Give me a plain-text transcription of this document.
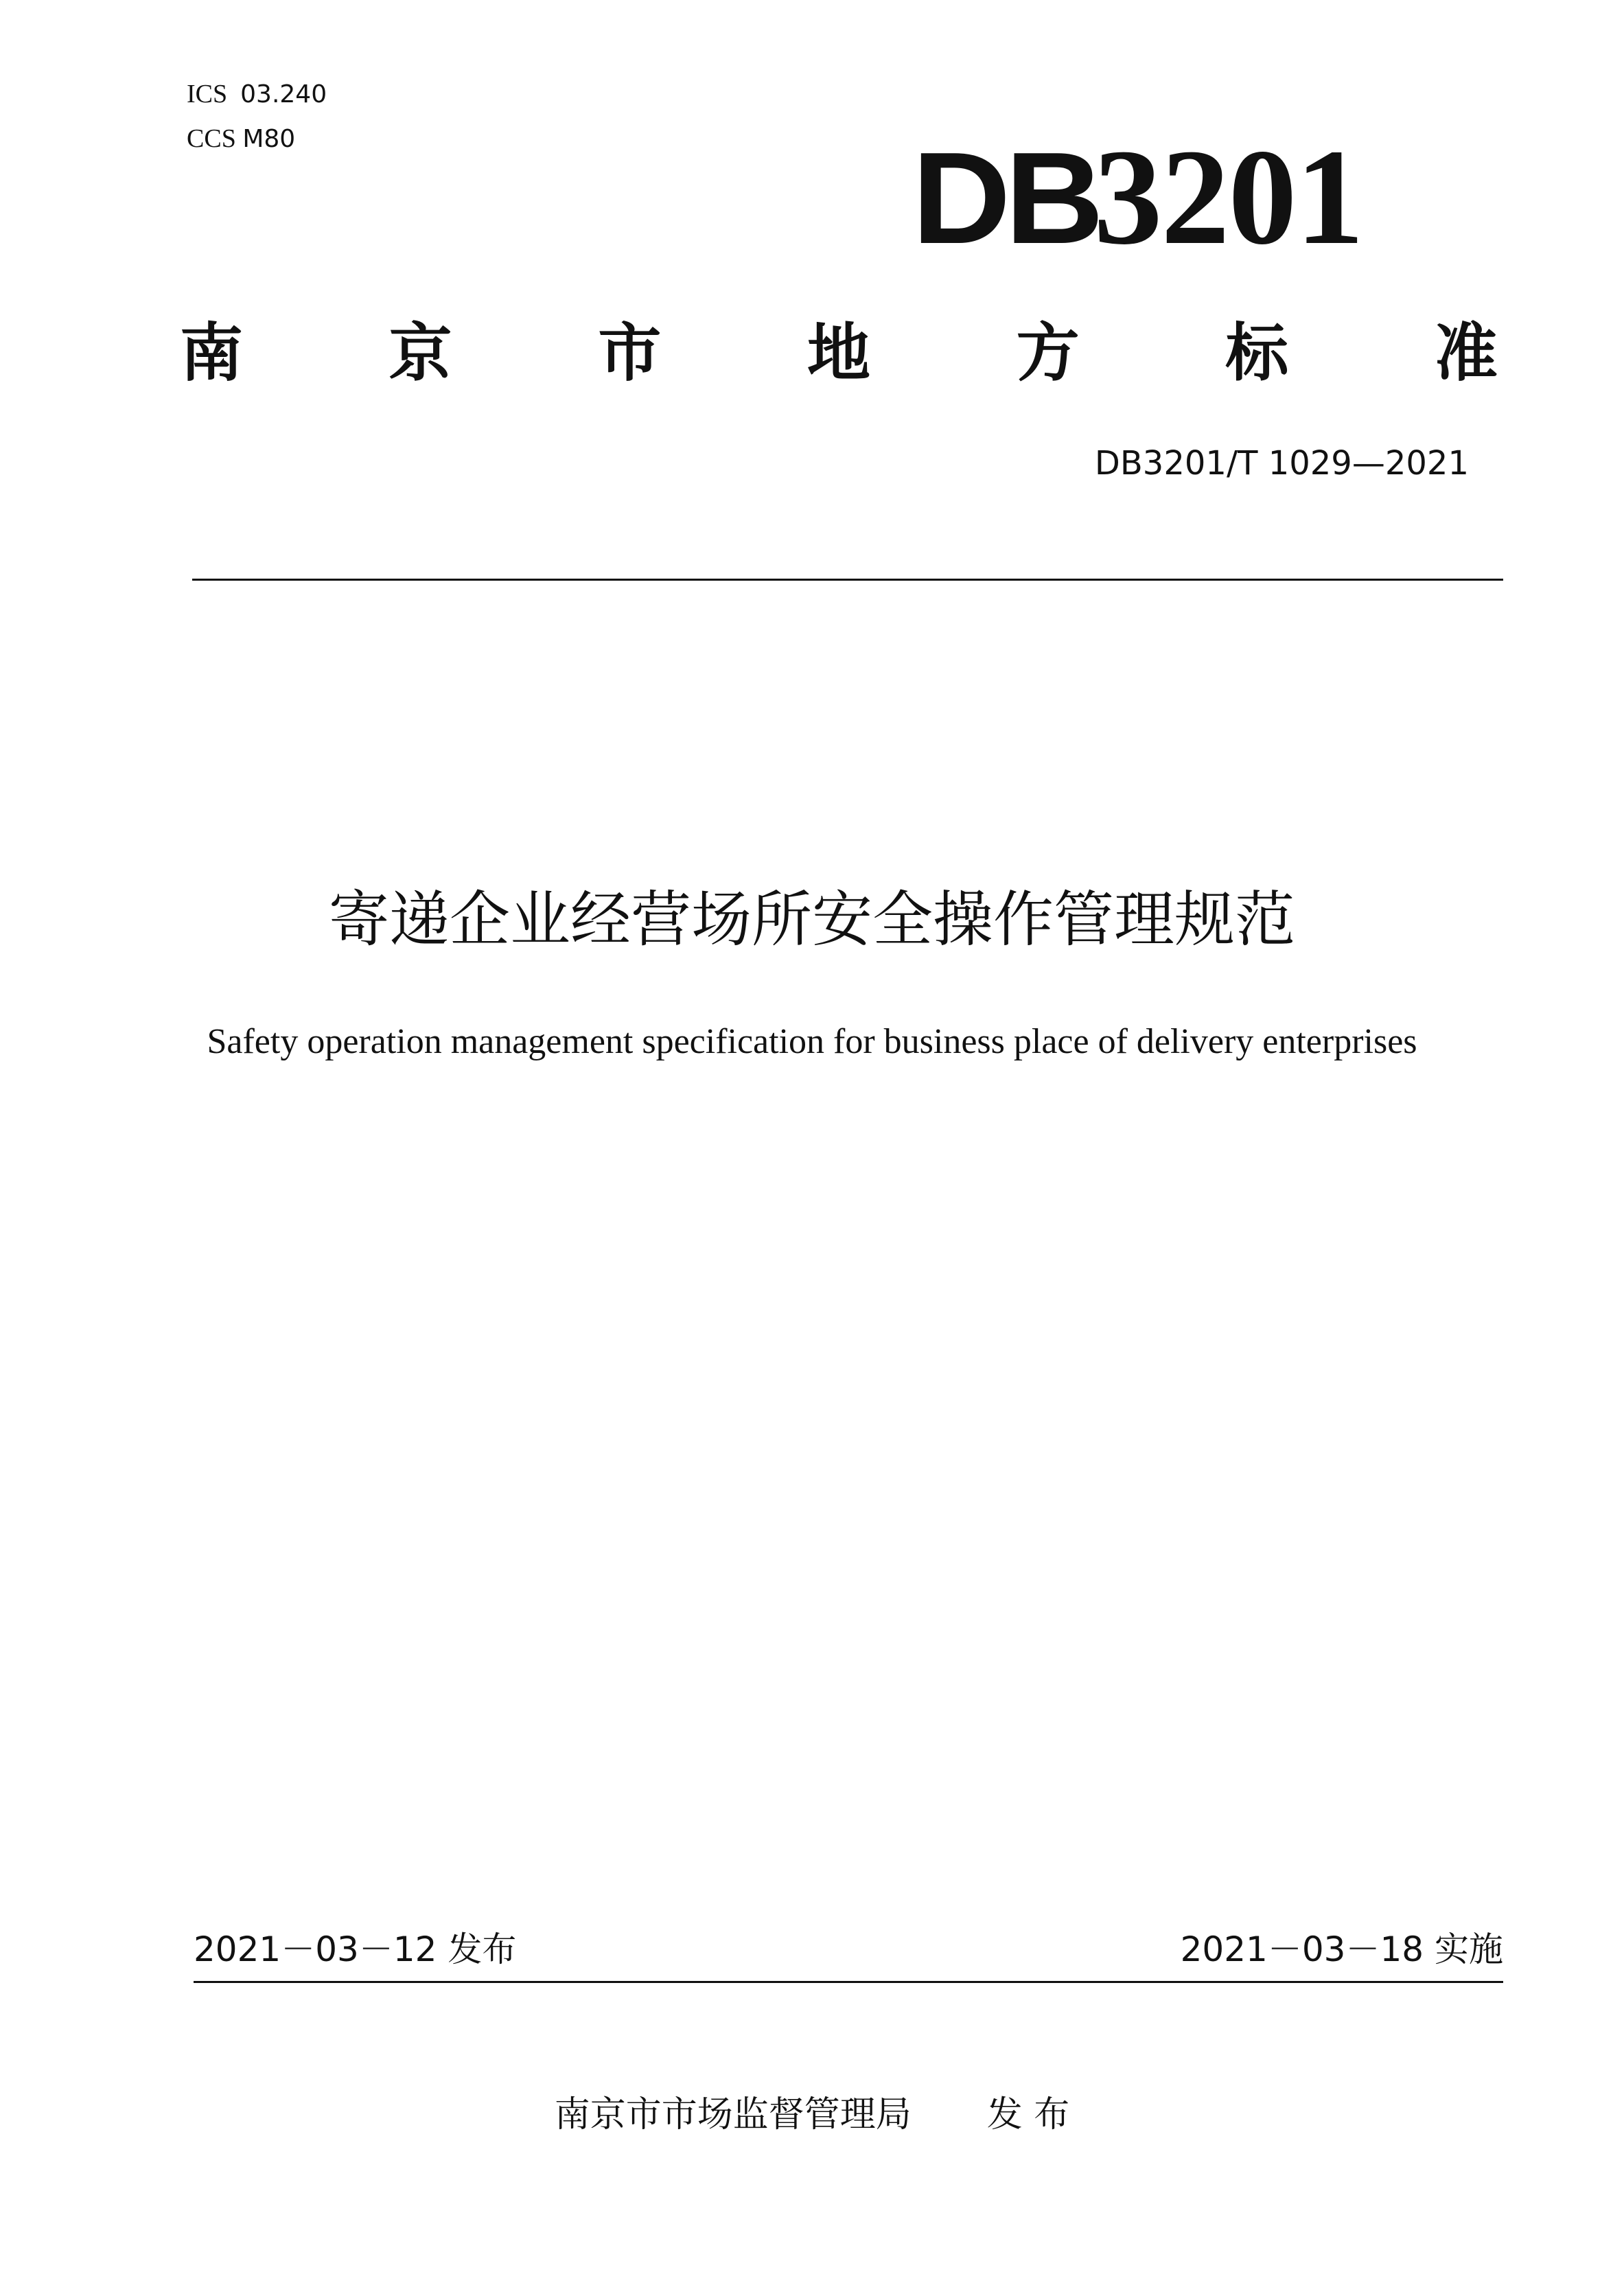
ICS 03.240
CCS M80	DB3201
南 京 市 地 方 标 准
DB3201/T 1029—2021
寄递企业经营场所安全操作管理规范
Safety operation management specification for business place of delivery enterprises
2021－03－12 发布	2021－03－18 实施
南京市市场监督管理局 发 布
